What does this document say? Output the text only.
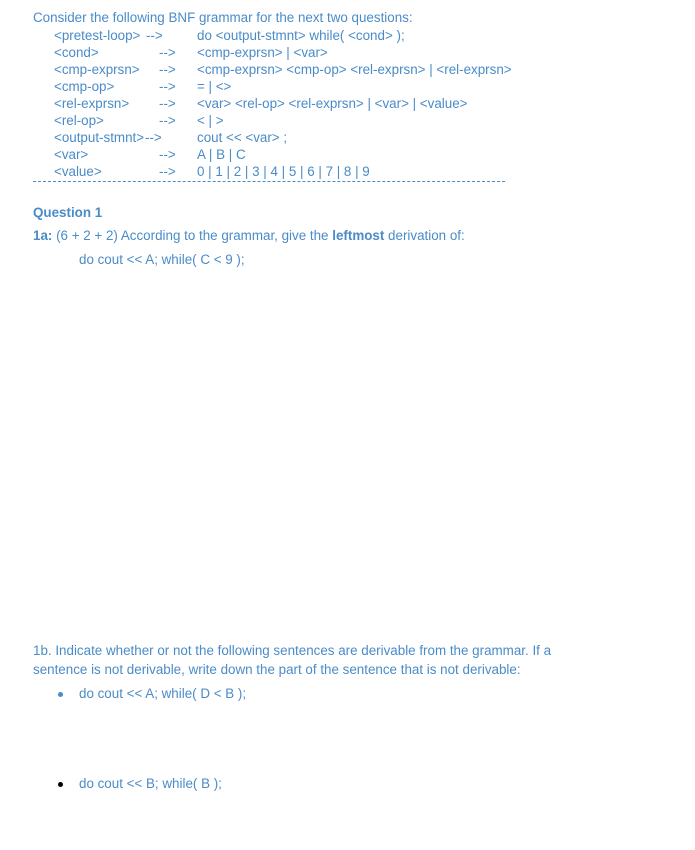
Consider the following BNF grammar for the next two questions:
<pretest-loop> -->	do <output-stmnt> while( <cond> );
<cond>	--> <cmp-exprsn> | <var>
<cmp-exprsn> --> <cmp-exprsn> <cmp-op> <rel-exprsn> | <rel-exprsn>
<cmp-op>	--> = | <>
<rel-exprsn> --> <var> <rel-op> <rel-exprsn> | <var> | <value>
<rel-op>	--> < | >
<output-stmnt> -->	cout << <var> ;
<var>	--> A | B | C
<value>	--> 0 | 1 | 2 | 3 | 4 | 5 | 6 | 7 | 8 | 9
Question 1
1a: (6 + 2 + 2) According to the grammar, give the leftmost derivation of:
do cout << A; while( C < 9 );
1b. Indicate whether or not the following sentences are derivable from the grammar. If a sentence is not derivable, write down the part of the sentence that is not derivable:
do cout << A; while( D < B );
do cout << B; while( B );
